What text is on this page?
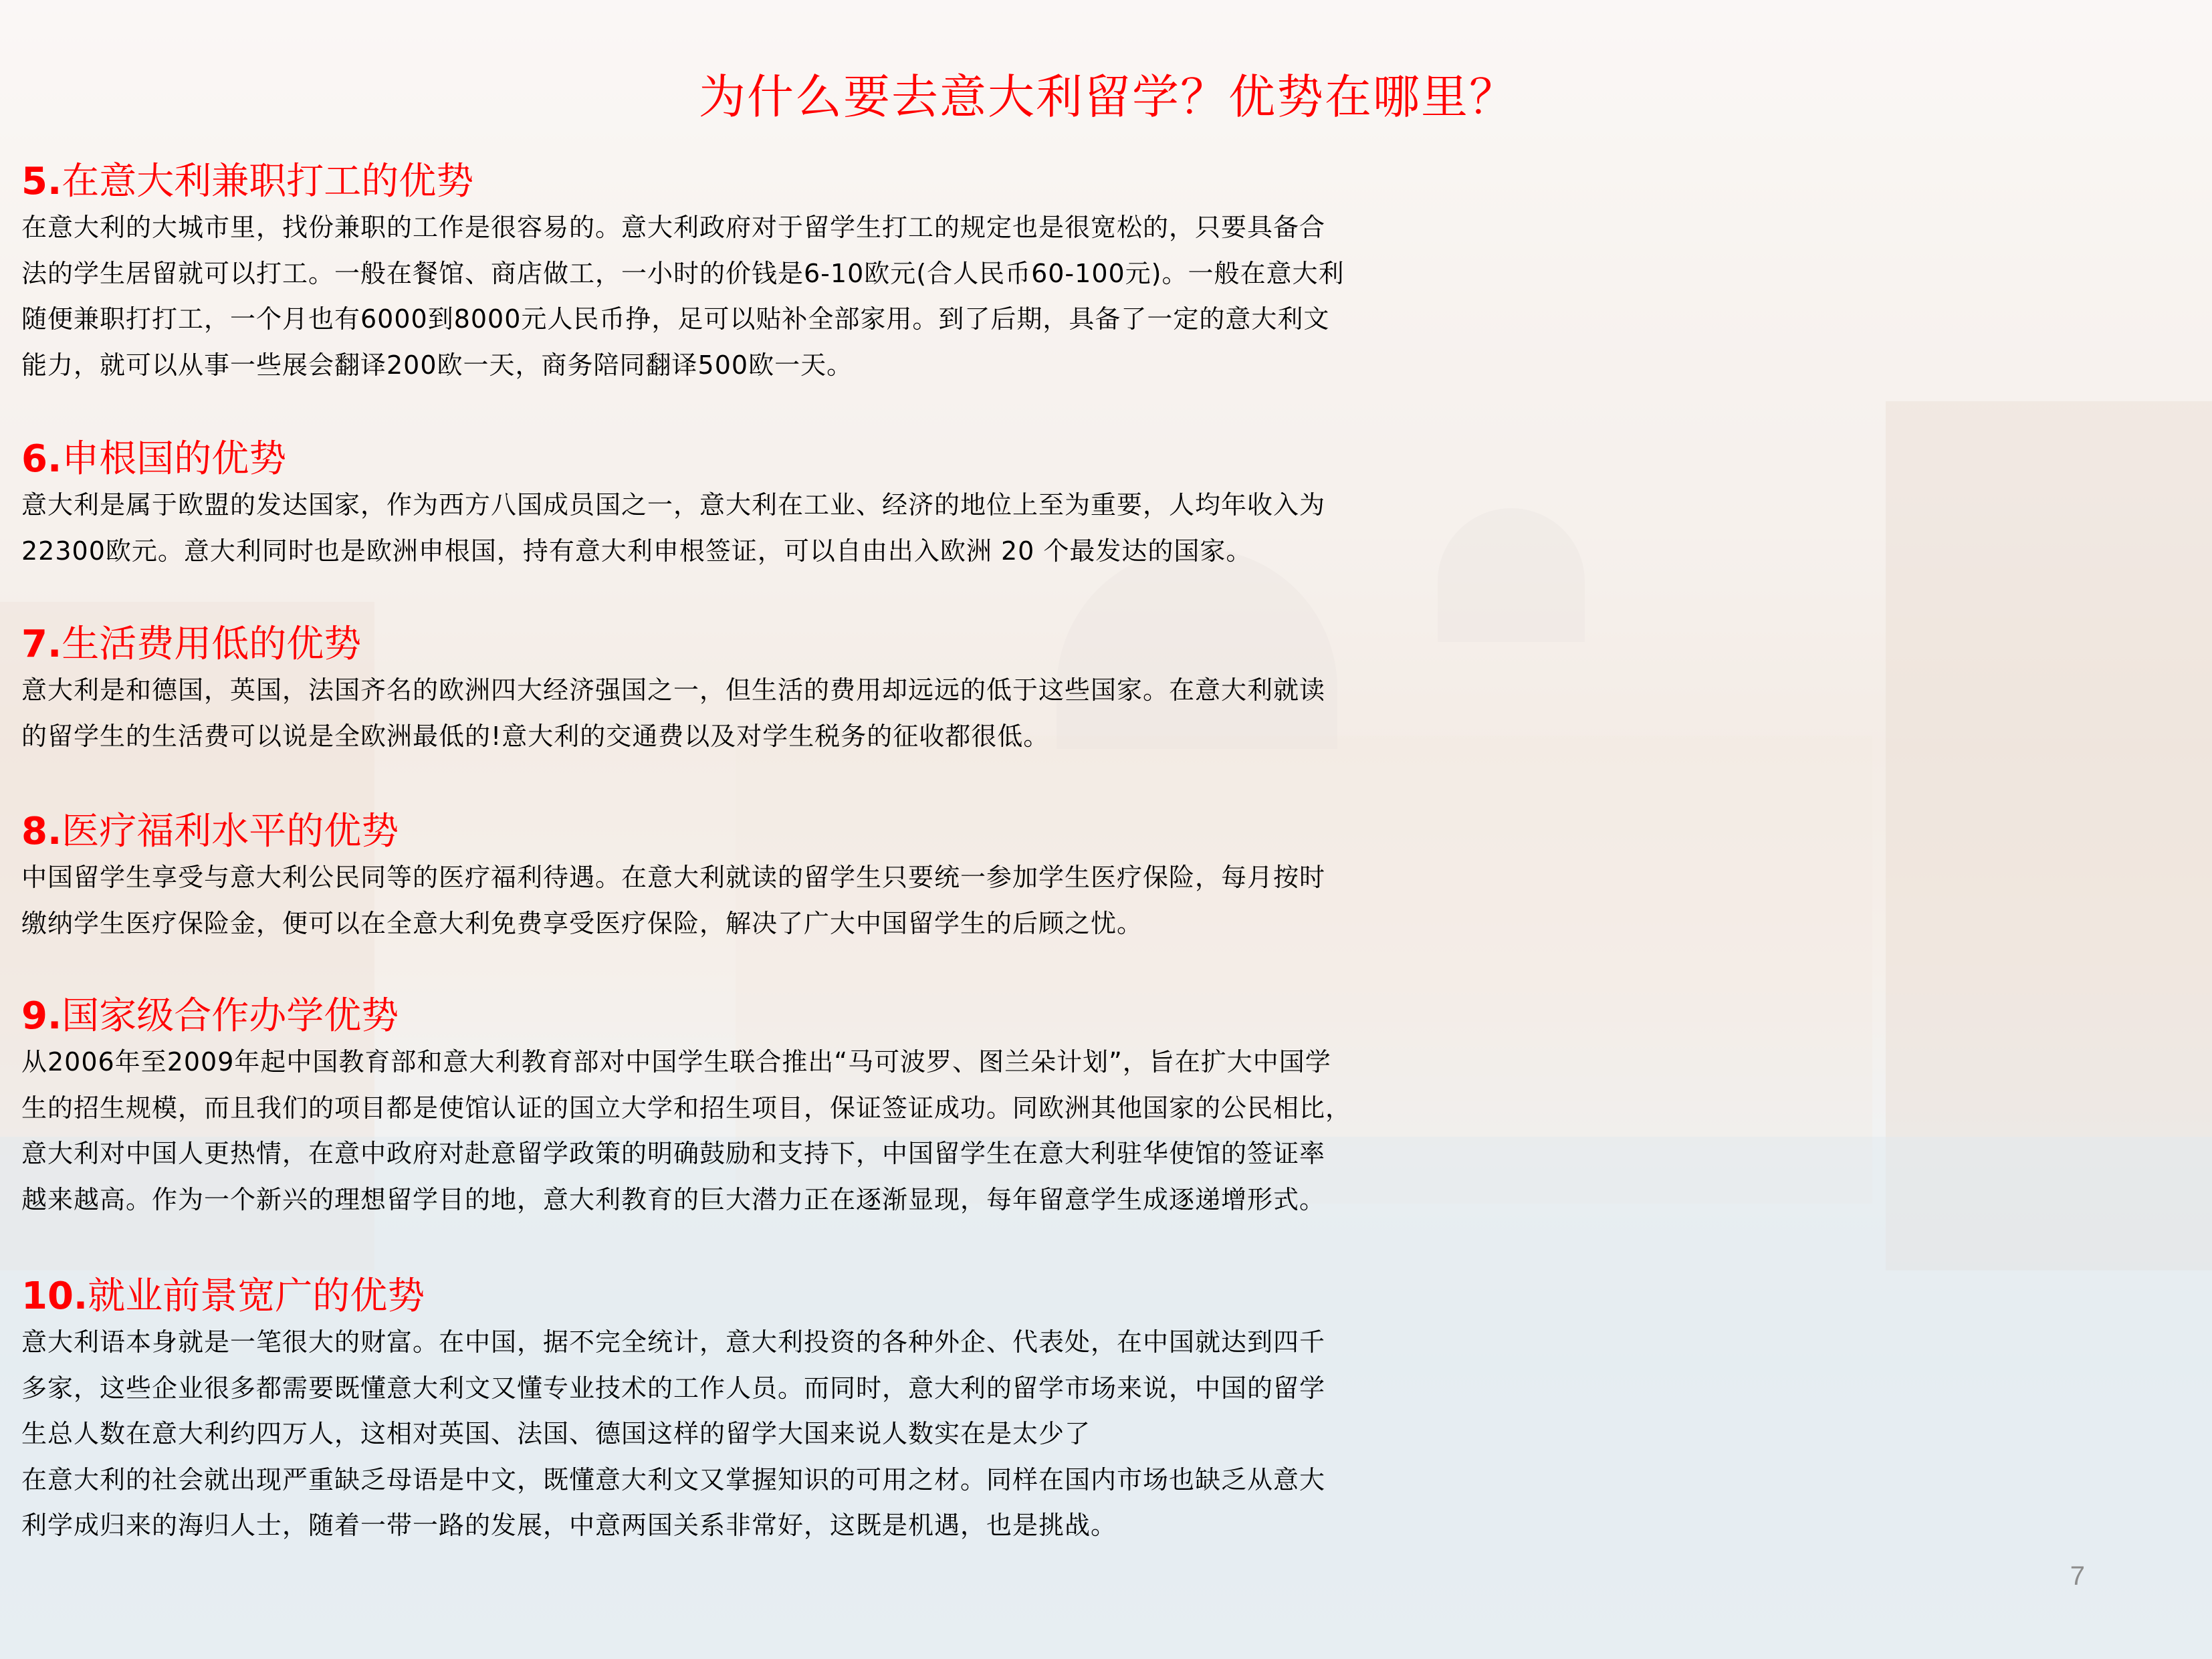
为什么要去意大利留学？优势在哪里？
5.在意大利兼职打工的优势
在意大利的大城市里，找份兼职的工作是很容易的。意大利政府对于留学生打工的规定也是很宽松的，只要具备合
法的学生居留就可以打工。一般在餐馆、商店做工，一小时的价钱是6-10欧元(合人民币60-100元)。一般在意大利
随便兼职打打工，一个月也有6000到8000元人民币挣，足可以贴补全部家用。到了后期，具备了一定的意大利文
能力，就可以从事一些展会翻译200欧一天，商务陪同翻译500欧一天。
6.申根国的优势
意大利是属于欧盟的发达国家，作为西方八国成员国之一，意大利在工业、经济的地位上至为重要，人均年收入为
22300欧元。意大利同时也是欧洲申根国，持有意大利申根签证，可以自由出入欧洲 20 个最发达的国家。
7.生活费用低的优势
意大利是和德国，英国，法国齐名的欧洲四大经济强国之一，但生活的费用却远远的低于这些国家。在意大利就读
的留学生的生活费可以说是全欧洲最低的!意大利的交通费以及对学生税务的征收都很低。
8.医疗福利水平的优势
中国留学生享受与意大利公民同等的医疗福利待遇。在意大利就读的留学生只要统一参加学生医疗保险，每月按时
缴纳学生医疗保险金，便可以在全意大利免费享受医疗保险，解决了广大中国留学生的后顾之忧。
9.国家级合作办学优势
从2006年至2009年起中国教育部和意大利教育部对中国学生联合推出“马可波罗、图兰朵计划”，旨在扩大中国学
生的招生规模，而且我们的项目都是使馆认证的国立大学和招生项目，保证签证成功。同欧洲其他国家的公民相比，
意大利对中国人更热情，在意中政府对赴意留学政策的明确鼓励和支持下，中国留学生在意大利驻华使馆的签证率
越来越高。作为一个新兴的理想留学目的地，意大利教育的巨大潜力正在逐渐显现，每年留意学生成逐递增形式。
10.就业前景宽广的优势
意大利语本身就是一笔很大的财富。在中国，据不完全统计，意大利投资的各种外企、代表处，在中国就达到四千
多家，这些企业很多都需要既懂意大利文又懂专业技术的工作人员。而同时，意大利的留学市场来说，中国的留学
生总人数在意大利约四万人，这相对英国、法国、德国这样的留学大国来说人数实在是太少了
在意大利的社会就出现严重缺乏母语是中文，既懂意大利文又掌握知识的可用之材。同样在国内市场也缺乏从意大
利学成归来的海归人士，随着一带一路的发展，中意两国关系非常好，这既是机遇，也是挑战。
7
